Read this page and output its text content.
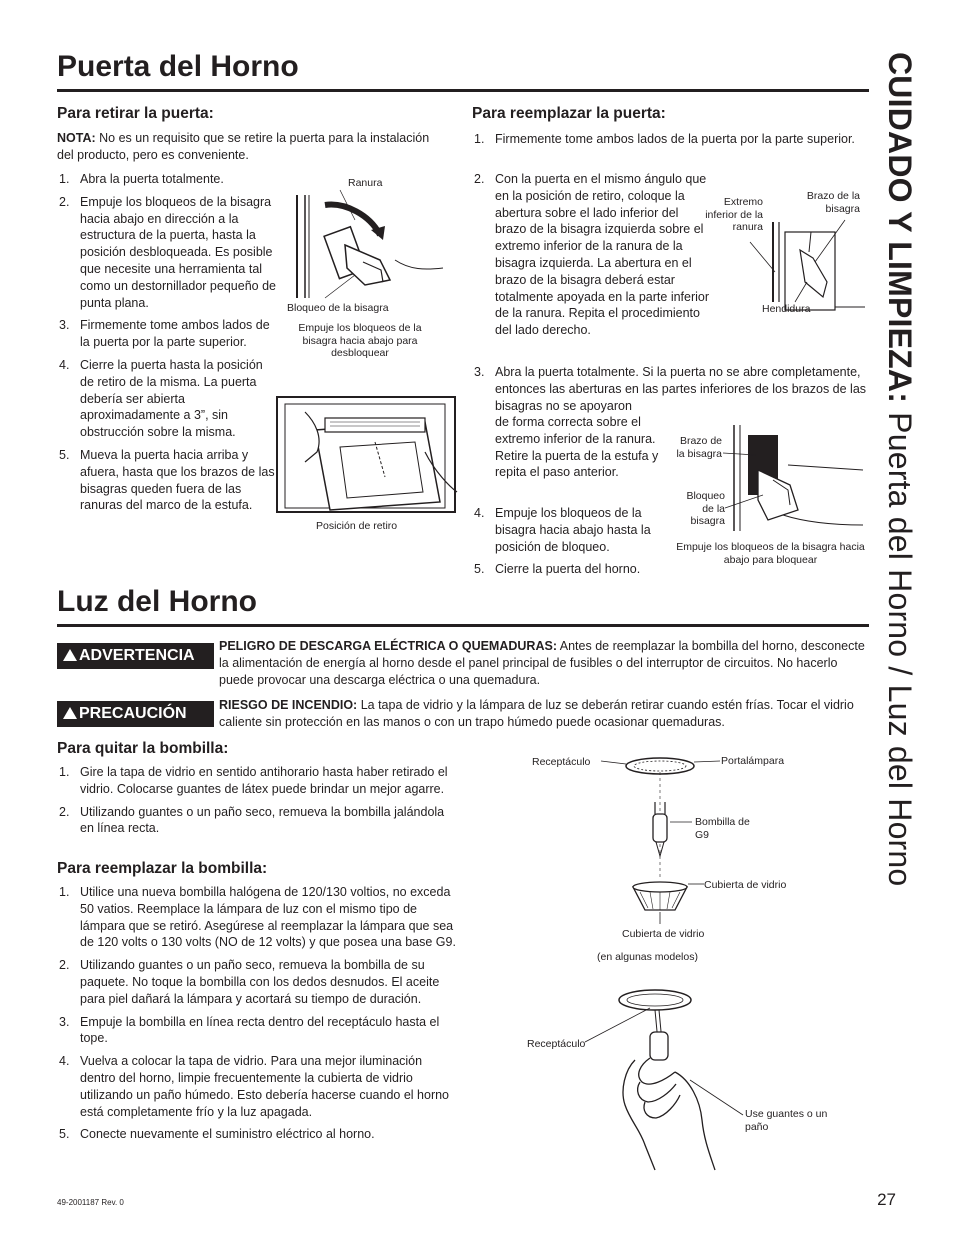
Puerta del Horno
Para retirar la puerta:
NOTA: No es un requisito que se retire la puerta para la instalación del producto, pero es conveniente.
1. Abra la puerta totalmente.
2. Empuje los bloqueos de la bisagra hacia abajo en dirección a la estructura de la puerta, hasta la posición desbloqueada. Es posible que necesite una herramienta tal como un destornillador pequeño de punta plana.
3. Firmemente tome ambos lados de la puerta por la parte superior.
4. Cierre la puerta hasta la posición de retiro de la misma. La puerta debería ser abierta aproximadamente a 3”, sin obstrucción sobre la misma.
5. Mueva la puerta hacia arriba y afuera, hasta que los brazos de las bisagras queden fuera de las ranuras del marco de la estufa.
Ranura
Bloqueo de la bisagra
Empuje los bloqueos de la bisagra hacia abajo para desbloquear
Posición de retiro
Para reemplazar la puerta:
1. Firmemente tome ambos lados de la puerta por la parte superior.
2. Con la puerta en el mismo ángulo que en la posición de retiro, coloque la abertura sobre el lado inferior del brazo de la bisagra izquierda sobre el extremo inferior de la ranura de la bisagra izquierda. La abertura en el brazo de la bisagra deberá estar totalmente apoyada en la parte inferior de la ranura. Repita el procedimiento del lado derecho.
Extremo inferior de la ranura
Brazo de la bisagra
Hendidura
3. Abra la puerta totalmente. Si la puerta no se abre completamente, entonces las aberturas en las partes inferiores de los brazos de las bisagras no se apoyaron
de forma correcta sobre el extremo inferior de la ranura. Retire la puerta de la estufa y repita el paso anterior.
4. Empuje los bloqueos de la bisagra hacia abajo hasta la posición de bloqueo.
5. Cierre la puerta del horno.
Brazo de la bisagra
Bloqueo de la bisagra
Empuje los bloqueos de la bisagra hacia abajo para bloquear
Luz del Horno
ADVERTENCIA
PELIGRO DE DESCARGA ELÉCTRICA O QUEMADURAS: Antes de reemplazar la bombilla del horno, desconecte la alimentación de energía al horno desde el panel principal de fusibles o del interruptor de circuitos. No hacerlo puede provocar una descarga eléctrica o una quemadura.
PRECAUCIÓN	RIESGO DE INCENDIO: La tapa de vidrio y la lámpara de luz se deberán retirar cuando estén frías. Tocar el vidrio caliente sin protección en las manos o con un trapo húmedo puede ocasionar quemaduras.
Para quitar la bombilla:
1. Gire la tapa de vidrio en sentido antihorario hasta haber retirado el vidrio. Colocarse guantes de látex puede brindar un mejor agarre.
2. Utilizando guantes o un paño seco, remueva la bombilla jalándola en línea recta.
Para reemplazar la bombilla:
1. Utilice una nueva bombilla halógena de 120/130 voltios, no exceda 50 vatios. Reemplace la lámpara de luz con el mismo tipo de lámpara que se retiró. Asegúrese al reemplazar la lámpara que sea de 120 volts o 130 volts (NO de 12 volts) y que posea una base G9.
2. Utilizando guantes o un paño seco, remueva la bombilla de su paquete. No toque la bombilla con los dedos desnudos. El aceite para piel dañará la lámpara y acortará su tiempo de duración.
3. Empuje la bombilla en línea recta dentro del receptáculo hasta el tope.
4. Vuelva a colocar la tapa de vidrio. Para una mejor iluminación dentro del horno, limpie frecuentemente la cubierta de vidrio utilizando un paño húmedo. Esto debería hacerse cuando el horno está completamente frío y la luz apagada.
5. Conecte nuevamente el suministro eléctrico al horno.
Receptáculo	Portalámpara
Bombilla de G9
Cubierta de vidrio
Cubierta de vidrio
(en algunas modelos)
Receptáculo
Use guantes o un paño
CUIDADO Y LIMPIEZA: Puerta del Horno / Luz del Horno
49-2001187 Rev. 0	27
